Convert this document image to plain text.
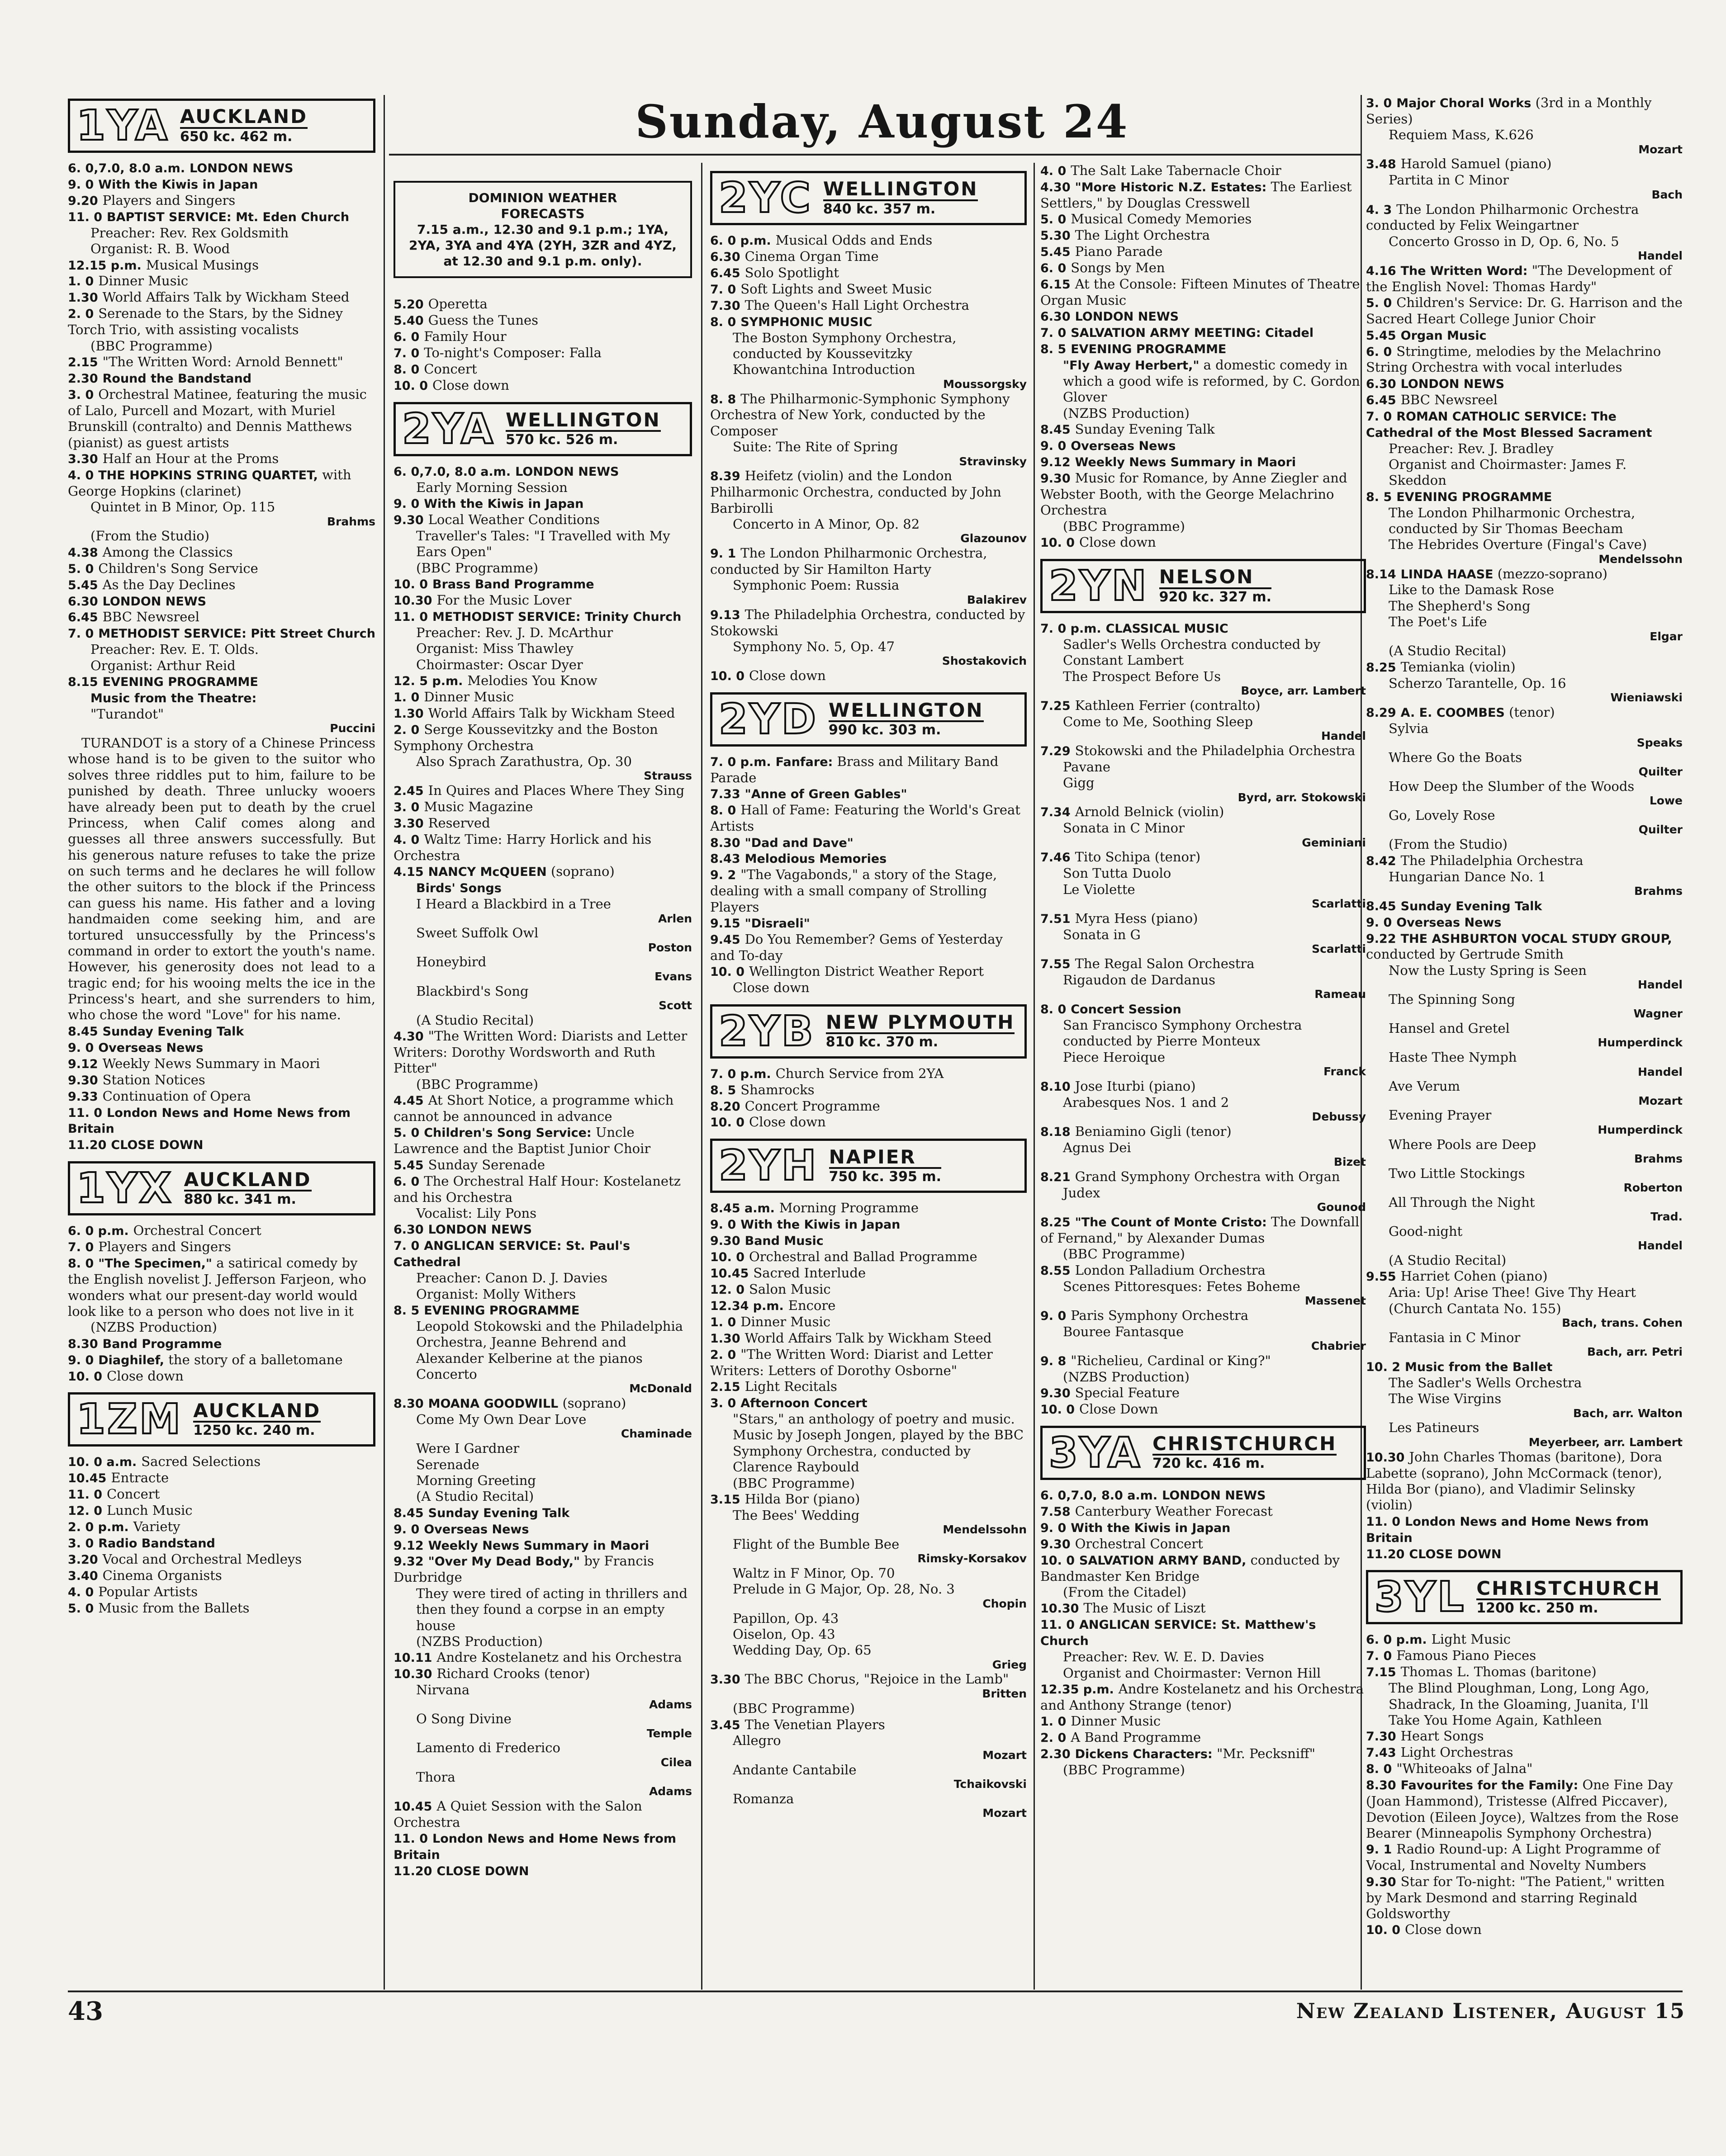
Sunday, August 24
1YA AUCKLAND
650 kc. 462 m.

6. 0,7.0, 8.0 a.m. LONDON NEWS

9. 0 With the Kiwis in Japan

9.20 Players and Singers

11. 0 BAPTIST SERVICE: Mt. Eden Church

Preacher: Rev. Rex Goldsmith

Organist: R. B. Wood

12.15 p.m. Musical Musings

1. 0 Dinner Music

1.30 World Affairs Talk by Wickham Steed

2. 0 Serenade to the Stars, by the Sidney Torch Trio, with assisting vocalists

(BBC Programme)

2.15 "The Written Word: Arnold Bennett"

2.30 Round the Bandstand

3. 0 Orchestral Matinee, featuring the music of Lalo, Purcell and Mozart, with Muriel Brunskill (contralto) and Dennis Matthews (pianist) as guest artists

3.30 Half an Hour at the Proms

4. 0 THE HOPKINS STRING QUARTET, with George Hopkins (clarinet)

Quintet in B Minor, Op. 115

Brahms

(From the Studio)

4.38 Among the Classics

5. 0 Children's Song Service

5.45 As the Day Declines

6.30 LONDON NEWS

6.45 BBC Newsreel

7. 0 METHODIST SERVICE: Pitt Street Church

Preacher: Rev. E. T. Olds.

Organist: Arthur Reid

8.15 EVENING PROGRAMME

Music from the Theatre:

"Turandot"

Puccini

TURANDOT is a story of a Chinese Princess whose hand is to be given to the suitor who solves three riddles put to him, failure to be punished by death. Three unlucky wooers have already been put to death by the cruel Princess, when Calif comes along and guesses all three answers successfully. But his generous nature refuses to take the prize on such terms and he declares he will follow the other suitors to the block if the Princess can guess his name. His father and a loving handmaiden come seeking him, and are tortured unsuccessfully by the Princess's command in order to extort the youth's name. However, his generosity does not lead to a tragic end; for his wooing melts the ice in the Princess's heart, and she surrenders to him, who chose the word "Love" for his name.

8.45 Sunday Evening Talk

9. 0 Overseas News

9.12 Weekly News Summary in Maori

9.30 Station Notices

9.33 Continuation of Opera

11. 0 London News and Home News from Britain

11.20 CLOSE DOWN

1YX AUCKLAND
880 kc. 341 m.

6. 0 p.m. Orchestral Concert

7. 0 Players and Singers

8. 0 "The Specimen," a satirical comedy by the English novelist J. Jefferson Farjeon, who wonders what our present-day world would look like to a person who does not live in it

(NZBS Production)

8.30 Band Programme

9. 0 Diaghilef, the story of a balletomane

10. 0 Close down

1ZM AUCKLAND
1250 kc. 240 m.

10. 0 a.m. Sacred Selections

10.45 Entracte

11. 0 Concert

12. 0 Lunch Music

2. 0 p.m. Variety

3. 0 Radio Bandstand

3.20 Vocal and Orchestral Medleys

3.40 Cinema Organists

4. 0 Popular Artists

5. 0 Music from the Ballets

DOMINION WEATHER
FORECASTS
7.15 a.m., 12.30 and 9.1 p.m.; 1YA, 2YA, 3YA and 4YA (2YH, 3ZR and 4YZ, at 12.30 and 9.1 p.m. only).

5.20 Operetta

5.40 Guess the Tunes

6. 0 Family Hour

7. 0 To-night's Composer: Falla

8. 0 Concert

10. 0 Close down

2YA WELLINGTON
570 kc. 526 m.

6. 0,7.0, 8.0 a.m. LONDON NEWS

Early Morning Session

9. 0 With the Kiwis in Japan

9.30 Local Weather Conditions

Traveller's Tales: "I Travelled with My Ears Open"

(BBC Programme)

10. 0 Brass Band Programme

10.30 For the Music Lover

11. 0 METHODIST SERVICE: Trinity Church

Preacher: Rev. J. D. McArthur

Organist: Miss Thawley

Choirmaster: Oscar Dyer

12. 5 p.m. Melodies You Know

1. 0 Dinner Music

1.30 World Affairs Talk by Wickham Steed

2. 0 Serge Koussevitzky and the Boston Symphony Orchestra

Also Sprach Zarathustra, Op. 30

Strauss

2.45 In Quires and Places Where They Sing

3. 0 Music Magazine

3.30 Reserved

4. 0 Waltz Time: Harry Horlick and his Orchestra

4.15 NANCY McQUEEN (soprano)

Birds' Songs

I Heard a Blackbird in a Tree

Arlen

Sweet Suffolk Owl

Poston

Honeybird

Evans

Blackbird's Song

Scott

(A Studio Recital)

4.30 "The Written Word: Diarists and Letter Writers: Dorothy Wordsworth and Ruth Pitter"

(BBC Programme)

4.45 At Short Notice, a programme which cannot be announced in advance

5. 0 Children's Song Service: Uncle Lawrence and the Baptist Junior Choir

5.45 Sunday Serenade

6. 0 The Orchestral Half Hour: Kostelanetz and his Orchestra

Vocalist: Lily Pons

6.30 LONDON NEWS

7. 0 ANGLICAN SERVICE: St. Paul's Cathedral

Preacher: Canon D. J. Davies

Organist: Molly Withers

8. 5 EVENING PROGRAMME

Leopold Stokowski and the Philadelphia Orchestra, Jeanne Behrend and Alexander Kelberine at the pianos

Concerto

McDonald

8.30 MOANA GOODWILL (soprano)

Come My Own Dear Love

Chaminade

Were I Gardner

Serenade

Morning Greeting

(A Studio Recital)

8.45 Sunday Evening Talk

9. 0 Overseas News

9.12 Weekly News Summary in Maori

9.32 "Over My Dead Body," by Francis Durbridge

They were tired of acting in thrillers and then they found a corpse in an empty house

(NZBS Production)

10.11 Andre Kostelanetz and his Orchestra

10.30 Richard Crooks (tenor)

Nirvana

Adams

O Song Divine

Temple

Lamento di Frederico

Cilea

Thora

Adams

10.45 A Quiet Session with the Salon Orchestra

11. 0 London News and Home News from Britain

11.20 CLOSE DOWN

2YC WELLINGTON
840 kc. 357 m.

6. 0 p.m. Musical Odds and Ends

6.30 Cinema Organ Time

6.45 Solo Spotlight

7. 0 Soft Lights and Sweet Music

7.30 The Queen's Hall Light Orchestra

8. 0 SYMPHONIC MUSIC

The Boston Symphony Orchestra, conducted by Koussevitzky

Khowantchina Introduction

Moussorgsky

8. 8 The Philharmonic-Symphonic Symphony Orchestra of New York, conducted by the Composer

Suite: The Rite of Spring

Stravinsky

8.39 Heifetz (violin) and the London Philharmonic Orchestra, conducted by John Barbirolli

Concerto in A Minor, Op. 82

Glazounov

9. 1 The London Philharmonic Orchestra, conducted by Sir Hamilton Harty

Symphonic Poem: Russia

Balakirev

9.13 The Philadelphia Orchestra, conducted by Stokowski

Symphony No. 5, Op. 47

Shostakovich

10. 0 Close down

2YD WELLINGTON
990 kc. 303 m.

7. 0 p.m. Fanfare: Brass and Military Band Parade

7.33 "Anne of Green Gables"

8. 0 Hall of Fame: Featuring the World's Great Artists

8.30 "Dad and Dave"

8.43 Melodious Memories

9. 2 "The Vagabonds," a story of the Stage, dealing with a small company of Strolling Players

9.15 "Disraeli"

9.45 Do You Remember? Gems of Yesterday and To-day

10. 0 Wellington District Weather Report

Close down

2YB NEW PLYMOUTH
810 kc. 370 m.

7. 0 p.m. Church Service from 2YA

8. 5 Shamrocks

8.20 Concert Programme

10. 0 Close down

2YH NAPIER
750 kc. 395 m.

8.45 a.m. Morning Programme

9. 0 With the Kiwis in Japan

9.30 Band Music

10. 0 Orchestral and Ballad Programme

10.45 Sacred Interlude

12. 0 Salon Music

12.34 p.m. Encore

1. 0 Dinner Music

1.30 World Affairs Talk by Wickham Steed

2. 0 "The Written Word: Diarist and Letter Writers: Letters of Dorothy Osborne"

2.15 Light Recitals

3. 0 Afternoon Concert

"Stars," an anthology of poetry and music. Music by Joseph Jongen, played by the BBC Symphony Orchestra, conducted by Clarence Raybould

(BBC Programme)

3.15 Hilda Bor (piano)

The Bees' Wedding

Mendelssohn

Flight of the Bumble Bee

Rimsky-Korsakov

Waltz in F Minor, Op. 70

Prelude in G Major, Op. 28, No. 3

Chopin

Papillon, Op. 43

Oiselon, Op. 43

Wedding Day, Op. 65

Grieg

3.30 The BBC Chorus, "Rejoice in the Lamb"

Britten

(BBC Programme)

3.45 The Venetian Players

Allegro

Mozart

Andante Cantabile

Tchaikovski

Romanza

Mozart

4. 0 The Salt Lake Tabernacle Choir

4.30 "More Historic N.Z. Estates: The Earliest Settlers," by Douglas Cresswell

5. 0 Musical Comedy Memories

5.30 The Light Orchestra

5.45 Piano Parade

6. 0 Songs by Men

6.15 At the Console: Fifteen Minutes of Theatre Organ Music

6.30 LONDON NEWS

7. 0 SALVATION ARMY MEETING: Citadel

8. 5 EVENING PROGRAMME

"Fly Away Herbert," a domestic comedy in which a good wife is reformed, by C. Gordon Glover

(NZBS Production)

8.45 Sunday Evening Talk

9. 0 Overseas News

9.12 Weekly News Summary in Maori

9.30 Music for Romance, by Anne Ziegler and Webster Booth, with the George Melachrino Orchestra

(BBC Programme)

10. 0 Close down

2YN NELSON
920 kc. 327 m.

7. 0 p.m. CLASSICAL MUSIC

Sadler's Wells Orchestra conducted by Constant Lambert

The Prospect Before Us

Boyce, arr. Lambert

7.25 Kathleen Ferrier (contralto)

Come to Me, Soothing Sleep

Handel

7.29 Stokowski and the Philadelphia Orchestra

Pavane

Gigg

Byrd, arr. Stokowski

7.34 Arnold Belnick (violin)

Sonata in C Minor

Geminiani

7.46 Tito Schipa (tenor)

Son Tutta Duolo

Le Violette

Scarlatti

7.51 Myra Hess (piano)

Sonata in G

Scarlatti

7.55 The Regal Salon Orchestra

Rigaudon de Dardanus

Rameau

8. 0 Concert Session

San Francisco Symphony Orchestra conducted by Pierre Monteux

Piece Heroique

Franck

8.10 Jose Iturbi (piano)

Arabesques Nos. 1 and 2

Debussy

8.18 Beniamino Gigli (tenor)

Agnus Dei

Bizet

8.21 Grand Symphony Orchestra with Organ

Judex

Gounod

8.25 "The Count of Monte Cristo: The Downfall of Fernand," by Alexander Dumas

(BBC Programme)

8.55 London Palladium Orchestra

Scenes Pittoresques: Fetes Boheme

Massenet

9. 0 Paris Symphony Orchestra

Bouree Fantasque

Chabrier

9. 8 "Richelieu, Cardinal or King?"

(NZBS Production)

9.30 Special Feature

10. 0 Close Down

3YA CHRISTCHURCH
720 kc. 416 m.

6. 0,7.0, 8.0 a.m. LONDON NEWS

7.58 Canterbury Weather Forecast

9. 0 With the Kiwis in Japan

9.30 Orchestral Concert

10. 0 SALVATION ARMY BAND, conducted by Bandmaster Ken Bridge

(From the Citadel)

10.30 The Music of Liszt

11. 0 ANGLICAN SERVICE: St. Matthew's Church

Preacher: Rev. W. E. D. Davies

Organist and Choirmaster: Vernon Hill

12.35 p.m. Andre Kostelanetz and his Orchestra and Anthony Strange (tenor)

1. 0 Dinner Music

2. 0 A Band Programme

2.30 Dickens Characters: "Mr. Pecksniff"

(BBC Programme)

3. 0 Major Choral Works (3rd in a Monthly Series)

Requiem Mass, K.626

Mozart

3.48 Harold Samuel (piano)

Partita in C Minor

Bach

4. 3 The London Philharmonic Orchestra conducted by Felix Weingartner

Concerto Grosso in D, Op. 6, No. 5

Handel

4.16 The Written Word: "The Development of the English Novel: Thomas Hardy"

5. 0 Children's Service: Dr. G. Harrison and the Sacred Heart College Junior Choir

5.45 Organ Music

6. 0 Stringtime, melodies by the Melachrino String Orchestra with vocal interludes

6.30 LONDON NEWS

6.45 BBC Newsreel

7. 0 ROMAN CATHOLIC SERVICE: The Cathedral of the Most Blessed Sacrament

Preacher: Rev. J. Bradley

Organist and Choirmaster: James F. Skeddon

8. 5 EVENING PROGRAMME

The London Philharmonic Orchestra, conducted by Sir Thomas Beecham

The Hebrides Overture (Fingal's Cave)

Mendelssohn

8.14 LINDA HAASE (mezzo-soprano)

Like to the Damask Rose

The Shepherd's Song

The Poet's Life

Elgar

(A Studio Recital)

8.25 Temianka (violin)

Scherzo Tarantelle, Op. 16

Wieniawski

8.29 A. E. COOMBES (tenor)

Sylvia

Speaks

Where Go the Boats

Quilter

How Deep the Slumber of the Woods

Lowe

Go, Lovely Rose

Quilter

(From the Studio)

8.42 The Philadelphia Orchestra

Hungarian Dance No. 1

Brahms

8.45 Sunday Evening Talk

9. 0 Overseas News

9.22 THE ASHBURTON VOCAL STUDY GROUP, conducted by Gertrude Smith

Now the Lusty Spring is Seen

Handel

The Spinning Song

Wagner

Hansel and Gretel

Humperdinck

Haste Thee Nymph

Handel

Ave Verum

Mozart

Evening Prayer

Humperdinck

Where Pools are Deep

Brahms

Two Little Stockings

Roberton

All Through the Night

Trad.

Good-night

Handel

(A Studio Recital)

9.55 Harriet Cohen (piano)

Aria: Up! Arise Thee! Give Thy Heart (Church Cantata No. 155)

Bach, trans. Cohen

Fantasia in C Minor

Bach, arr. Petri

10. 2 Music from the Ballet

The Sadler's Wells Orchestra

The Wise Virgins

Bach, arr. Walton

Les Patineurs

Meyerbeer, arr. Lambert

10.30 John Charles Thomas (baritone), Dora Labette (soprano), John McCormack (tenor), Hilda Bor (piano), and Vladimir Selinsky (violin)

11. 0 London News and Home News from Britain

11.20 CLOSE DOWN

3YL CHRISTCHURCH
1200 kc. 250 m.

6. 0 p.m. Light Music

7. 0 Famous Piano Pieces

7.15 Thomas L. Thomas (baritone)

The Blind Ploughman, Long, Long Ago, Shadrack, In the Gloaming, Juanita, I'll Take You Home Again, Kathleen

7.30 Heart Songs

7.43 Light Orchestras

8. 0 "Whiteoaks of Jalna"

8.30 Favourites for the Family: One Fine Day (Joan Hammond), Tristesse (Alfred Piccaver), Devotion (Eileen Joyce), Waltzes from the Rose Bearer (Minneapolis Symphony Orchestra)

9. 1 Radio Round-up: A Light Programme of Vocal, Instrumental and Novelty Numbers

9.30 Star for To-night: "The Patient," written by Mark Desmond and starring Reginald Goldsworthy

10. 0 Close down

43	New Zealand Listener, August 15
